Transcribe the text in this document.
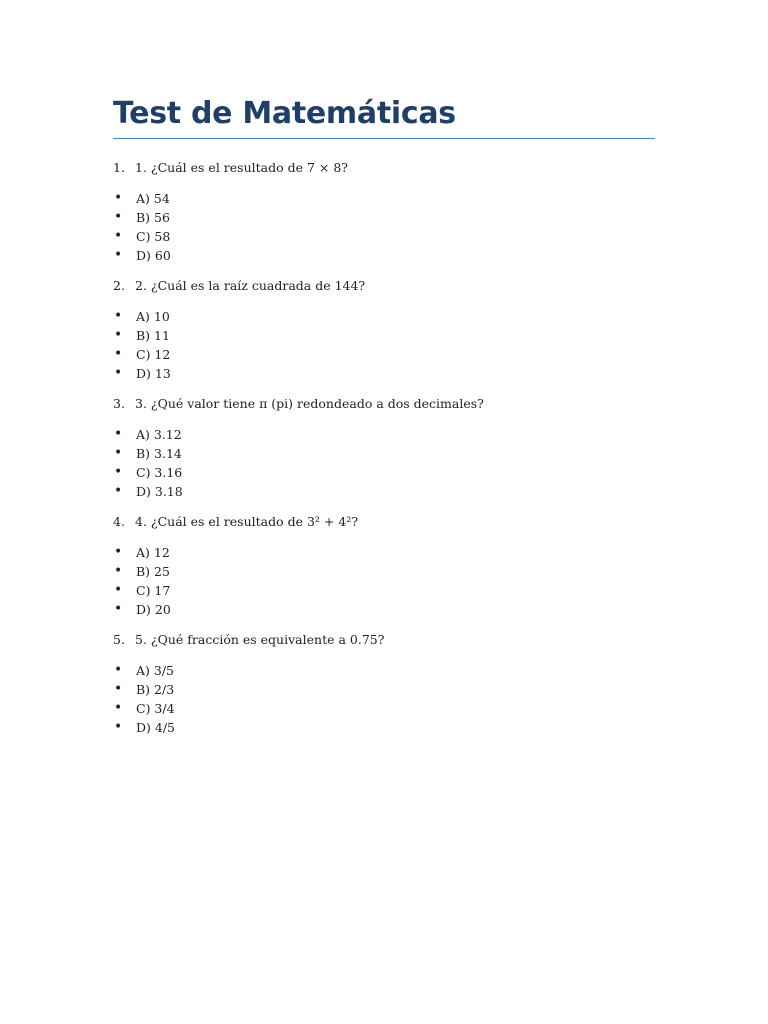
Test de Matemáticas
1. 1. ¿Cuál es el resultado de 7 × 8?
•	A) 54
•	B) 56
•	C) 58
•	D) 60
2. 2. ¿Cuál es la raíz cuadrada de 144?
•	A) 10
•	B) 11
•	C) 12
•	D) 13
3. 3. ¿Qué valor tiene π (pi) redondeado a dos decimales?
•	A) 3.12
•	B) 3.14
•	C) 3.16
•	D) 3.18
4. 4. ¿Cuál es el resultado de 3² + 4²?
•	A) 12
•	B) 25
•	C) 17
•	D) 20
5. 5. ¿Qué fracción es equivalente a 0.75?
•	A) 3/5
•	B) 2/3
•	C) 3/4
•	D) 4/5
